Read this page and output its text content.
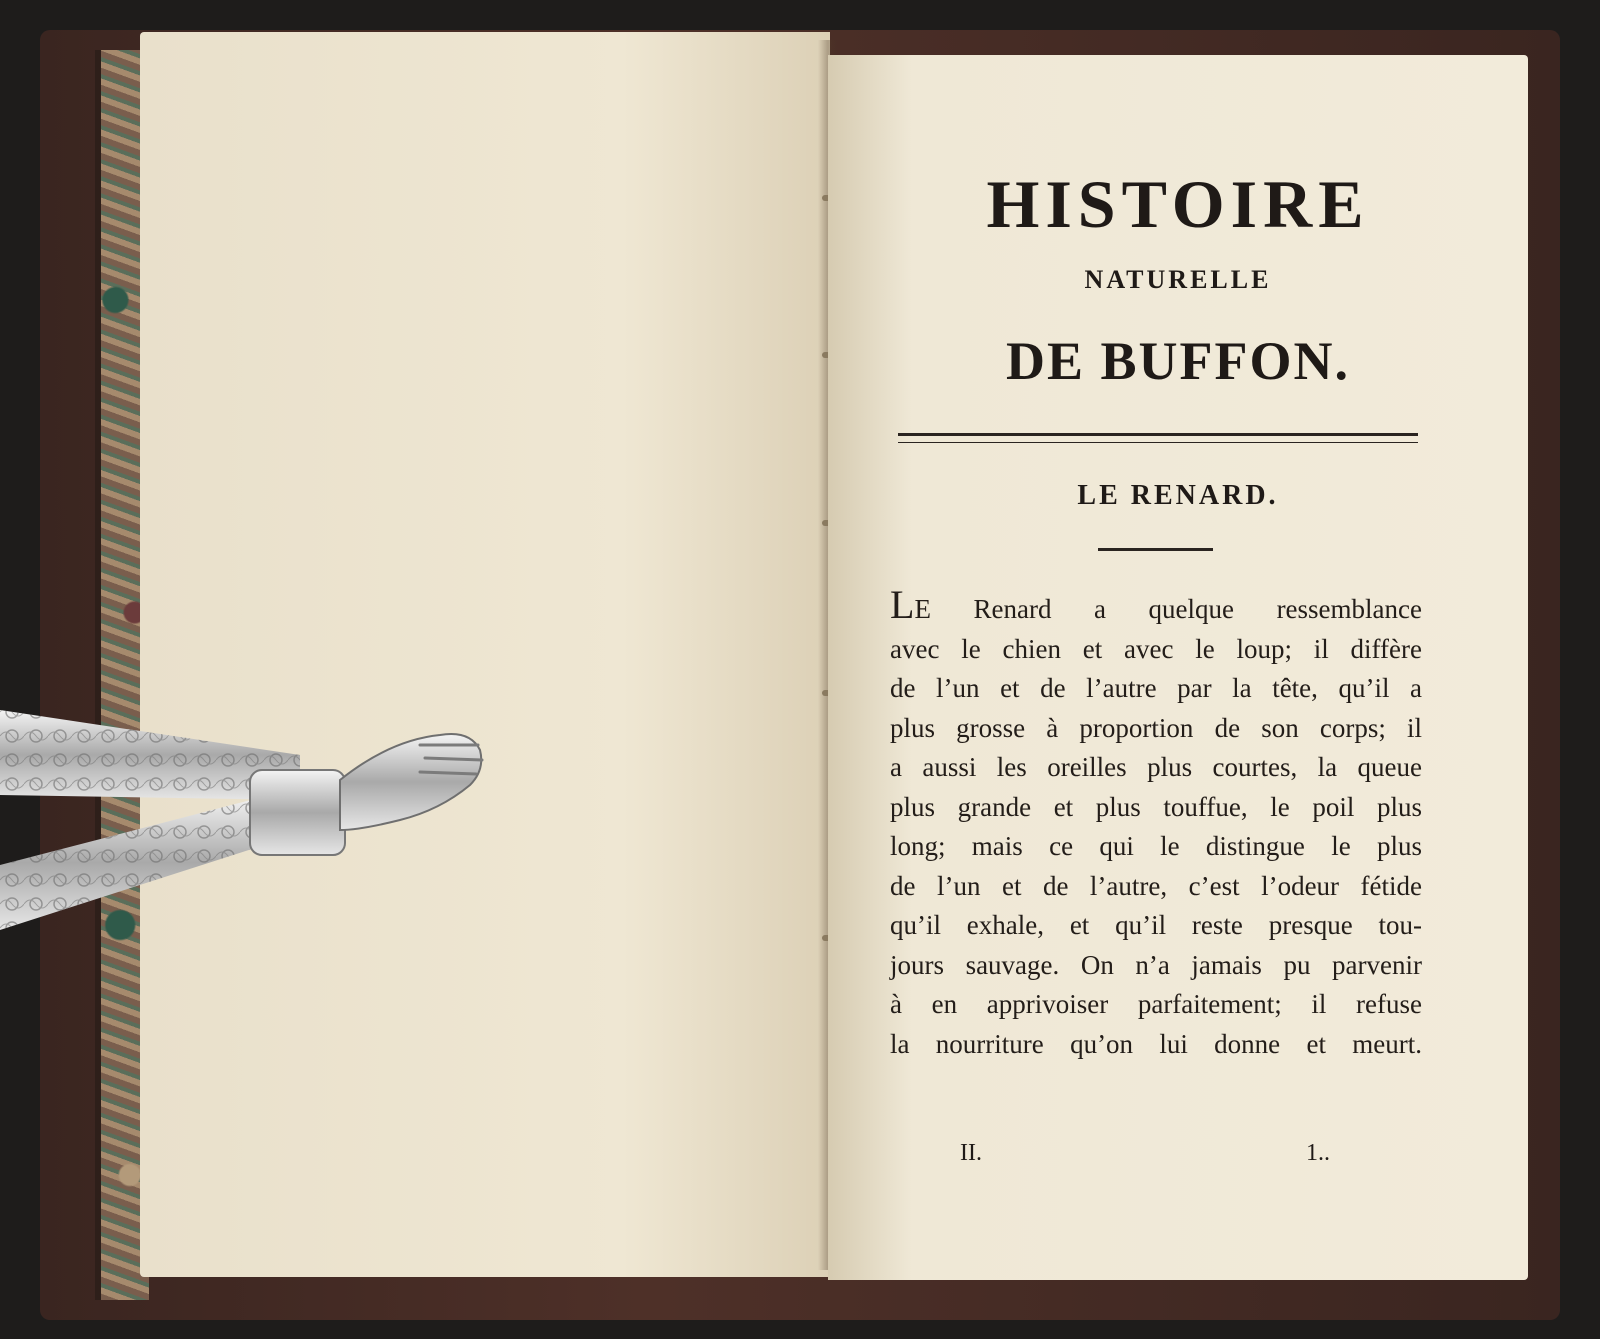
HISTOIRE
NATURELLE
DE BUFFON.
LE RENARD.
LE Renard a quelque ressemblance
avec le chien et avec le loup; il diffère
de l’un et de l’autre par la tête, qu’il a
plus grosse à proportion de son corps; il
a aussi les oreilles plus courtes, la queue
plus grande et plus touffue, le poil plus
long; mais ce qui le distingue le plus
de l’un et de l’autre, c’est l’odeur fétide
qu’il exhale, et qu’il reste presque tou-
jours sauvage. On n’a jamais pu parvenir
à en apprivoiser parfaitement; il refuse
la nourriture qu’on lui donne et meurt.
II.	1..
